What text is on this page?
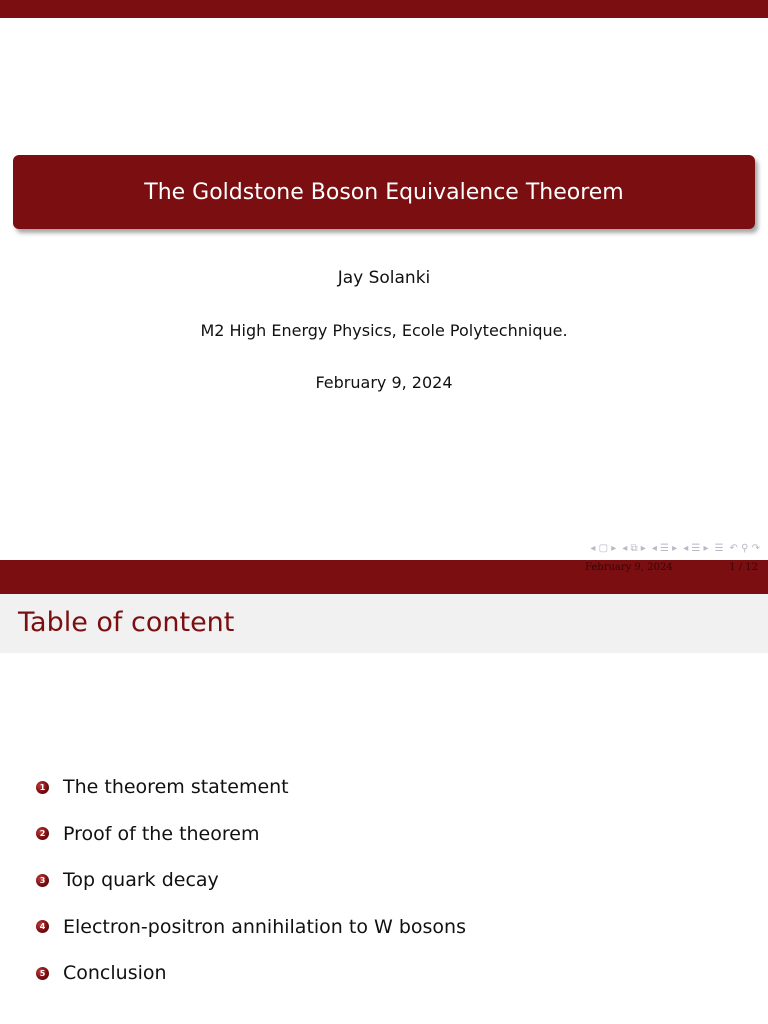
The Goldstone Boson Equivalence Theorem
Jay Solanki
M2 High Energy Physics, Ecole Polytechnique.
February 9, 2024
◂ ▢ ▸ ◂ ⧉ ▸ ◂ ☰ ▸ ◂ ☰ ▸ ☰ ↶ ⚲ ↷
February 9, 2024	1 / 12
Table of content
1 The theorem statement
2 Proof of the theorem
3 Top quark decay
4 Electron-positron annihilation to W bosons
5 Conclusion
